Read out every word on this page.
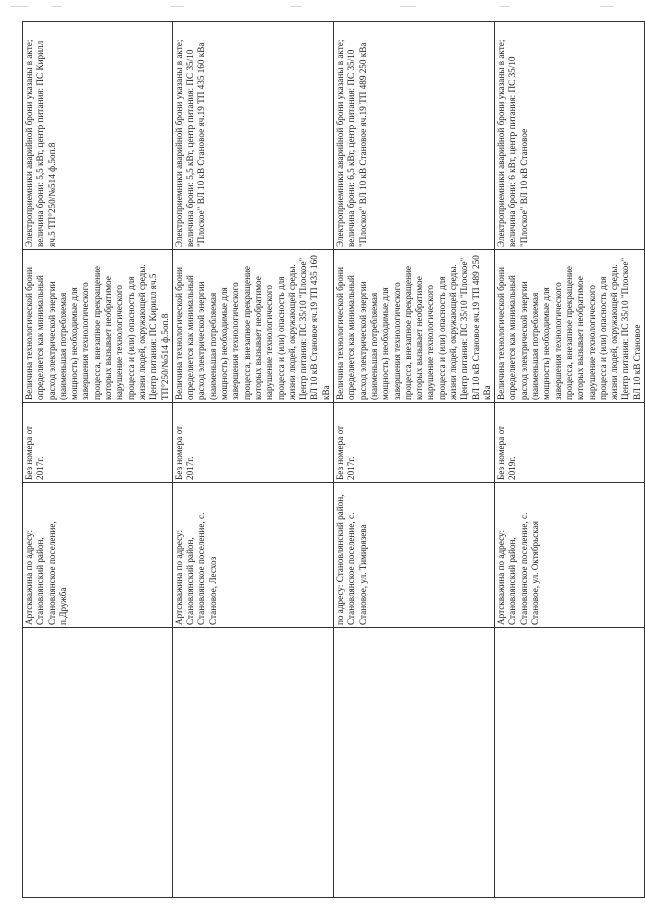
	Артскважина по адресу: Становлянский район, Становлянское поселение, п.Дружба	Без номера от 2017г.	Величина технологической брони определяется как минимальный расход электрической энергии (наименьшая потребляемая мощность) необходимые для завершения технологического процесса, внезапное прекращение которых вызывает необратимое нарушение технологического процесса и (или) опасность для жизни людей, окружающей среды. Центр питания: ПС Кирилл яч.5 ТП°250/№514 ф.5оп.8	Электроприемники аварийной брони указаны в акте; величина брони: 5,5 кВт, центр питания: ПС Кирилл яч.5 ТП°250/№514 ф.5оп.8
	Артскважина по адресу: Становлянский район, Становлянское поселение, с. Становое, Лесхоз	Без номера от 2017г.	Величина технологической брони определяется как минимальный расход электрической энергии (наименьшая потребляемая мощность) необходимые для завершения технологического процесса, внезапное прекращение которых вызывает необратимое нарушение технологического процесса и (или) опасность для жизни людей, окружающей среды. Центр питания: ПС 35/10 "Плоское" ВЛ 10 кВ Становое яч.19 ТП 435 160 кВа	Электроприемники аварийной брони указаны в акте; величина брони: 5,5 кВт, центр питания: ПС 35/10 "Плоское" ВЛ 10 кВ Становое яч.19 ТП 435 160 кВа
	по адресу: Становлянский район, Становлянское поселение, с. Становое, ул. Тимирязева	Без номера от 2017г.	Величина технологической брони определяется как минимальный расход электрической энергии (наименьшая потребляемая мощность) необходимые для завершения технологического процесса, внезапное прекращение которых вызывает необратимое нарушение технологического процесса и (или) опасность для жизни людей, окружающей среды. Центр питания: ПС 35/10 "Плоское" ВЛ 10 кВ Становое яч.19 ТП 489 250 кВа	Электроприемники аварийной брони указаны в акте; величина брони: 6,5 кВт, центр питания: ПС 35/10 "Плоское" ВЛ 10 кВ Становое яч.19 ТП 489 250 кВа
	Артскважина по адресу: Становлянский район, Становлянское поселение, с. Становое, ул. Октябрьская	Без номера от 2019г.	Величина технологической брони определяется как минимальный расход электрической энергии (наименьшая потребляемая мощность) необходимые для завершения технологического процесса, внезапное прекращение которых вызывает необратимое нарушение технологического процесса и (или) опасность для жизни людей, окружающей среды. Центр питания: ПС 35/10 "Плоское" ВЛ 10 кВ Становое	Электроприемники аварийной брони указаны в акте; величина брони: 6 кВт, центр питания: ПС 35/10 "Плоское" ВЛ 10 кВ Становое
